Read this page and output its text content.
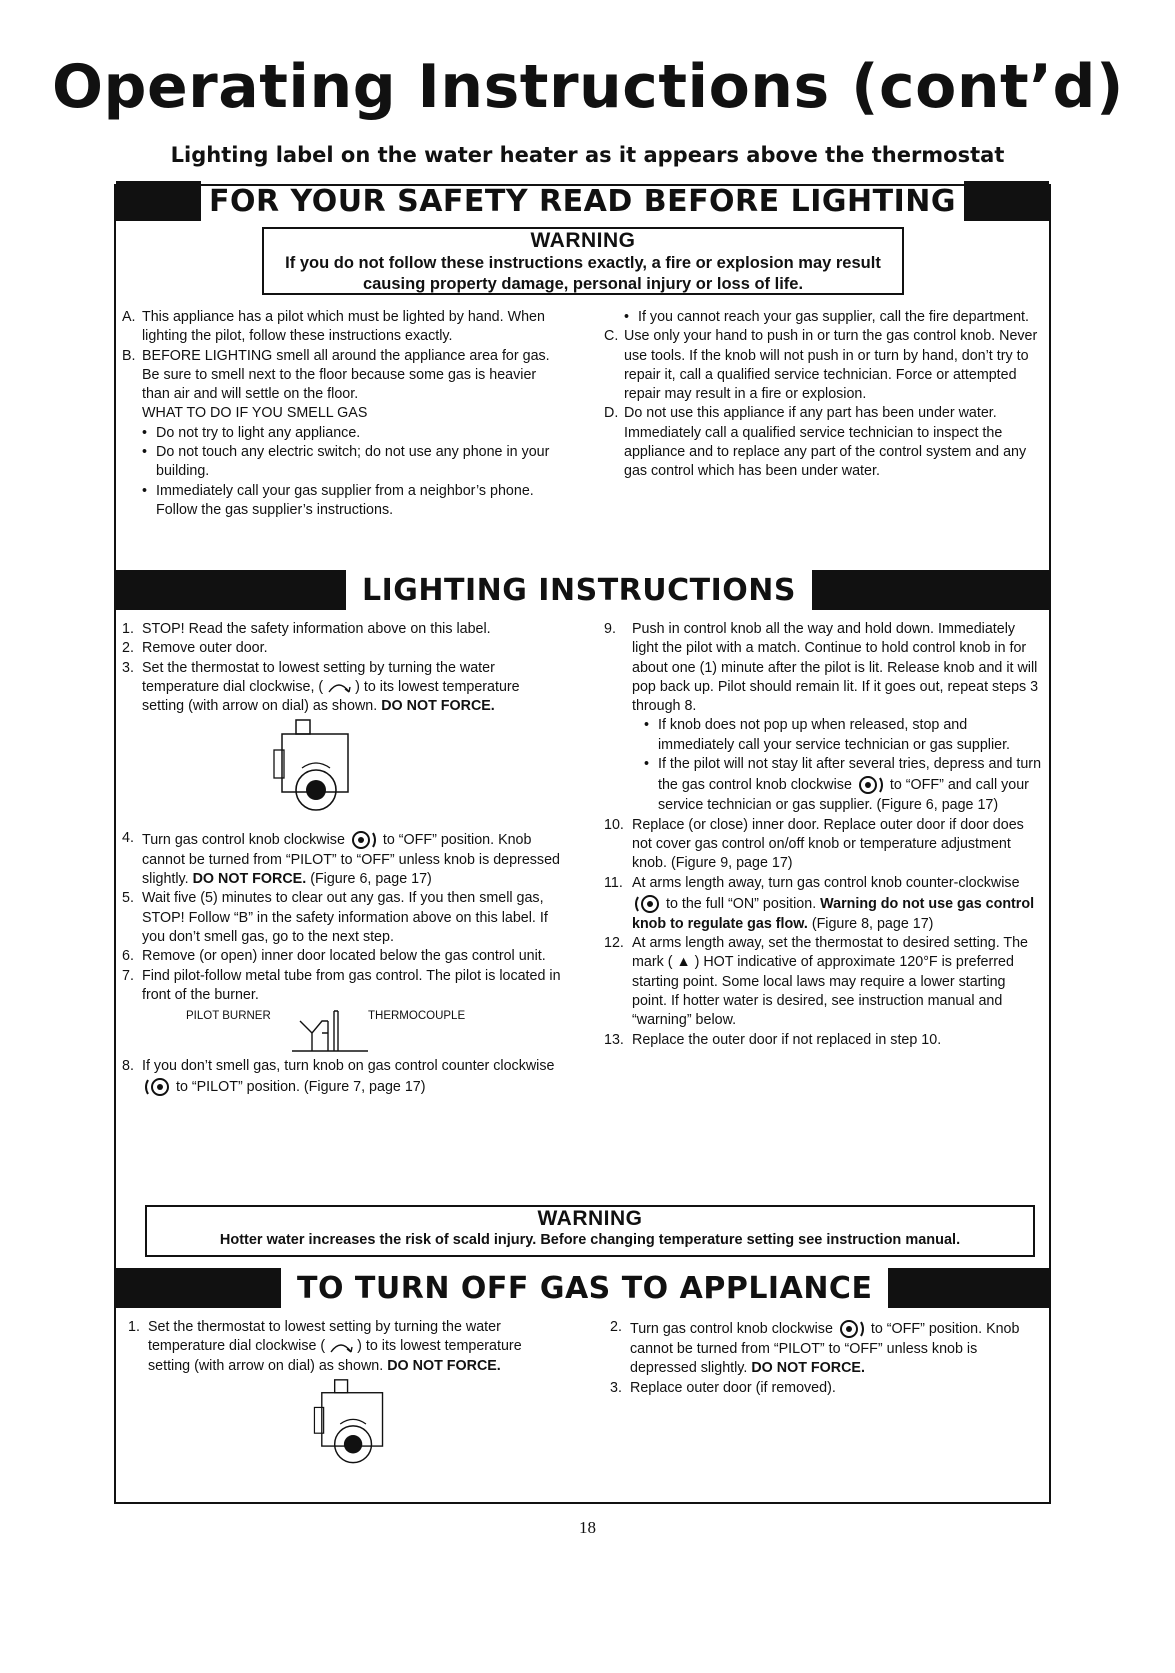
Operating Instructions (cont’d)
Lighting label on the water heater as it appears above the thermostat
FOR YOUR SAFETY READ BEFORE LIGHTING
WARNING
If you do not follow these instructions exactly, a fire or explosion may result causing property damage, personal injury or loss of life.
A. This appliance has a pilot which must be lighted by hand. When lighting the pilot, follow these instructions exactly.
B. BEFORE LIGHTING smell all around the appliance area for gas. Be sure to smell next to the floor because some gas is heavier than air and will settle on the floor.

WHAT TO DO IF YOU SMELL GAS

• Do not try to light any appliance.
• Do not touch any electric switch; do not use any phone in your building.
• Immediately call your gas supplier from a neighbor’s phone. Follow the gas supplier’s instructions.
• If you cannot reach your gas supplier, call the fire department.
C. Use only your hand to push in or turn the gas control knob. Never use tools. If the knob will not push in or turn by hand, don’t try to repair it, call a qualified service technician. Force or attempted repair may result in a fire or explosion.
D. Do not use this appliance if any part has been under water. Immediately call a qualified service technician to inspect the appliance and to replace any part of the control system and any gas control which has been under water.
LIGHTING INSTRUCTIONS
1. STOP! Read the safety information above on this label.
2. Remove outer door.
3. Set the thermostat to lowest setting by turning the water temperature dial clockwise, ( ) to its lowest temperature setting (with arrow on dial) as shown. DO NOT FORCE.
4. Turn gas control knob clockwise	to “OFF” position. Knob cannot be turned from “PILOT” to “OFF” unless knob is depressed slightly. DO NOT FORCE. (Figure 6, page 17)
5. Wait five (5) minutes to clear out any gas. If you then smell gas, STOP! Follow “B” in the safety information above on this label. If you don’t smell gas, go to the next step.
6. Remove (or open) inner door located below the gas control unit.
7. Find pilot-follow metal tube from gas control. The pilot is located in front of the burner.
PILOT BURNER	THERMOCOUPLE
8. If you don’t smell gas, turn knob on gas control counter clockwise  to “PILOT” position. (Figure 7, page 17)
9.	Push in control knob all the way and hold down. Immediately light the pilot with a match. Continue to hold control knob in for about one (1) minute after the pilot is lit. Release knob and it will pop back up. Pilot should remain lit. If it goes out, repeat steps 3 through 8.
• If knob does not pop up when released, stop and immediately call your service technician or gas supplier.
• If the pilot will not stay lit after several tries, depress and turn the gas control knob clockwise	to “OFF” and call your service technician or gas supplier. (Figure 6, page 17)
10. Replace (or close) inner door. Replace outer door if door does not cover gas control on/off knob or temperature adjustment knob. (Figure 9, page 17)
11. At arms length away, turn gas control knob counter-clockwise  to the full “ON” position. Warning do not use gas control knob to regulate gas flow. (Figure 8, page 17)
12. At arms length away, set the thermostat to desired setting. The mark ( ▲ ) HOT indicative of approximate 120°F is preferred starting point. Some local laws may require a lower starting point. If hotter water is desired, see instruction manual and “warning” below.
13. Replace the outer door if not replaced in step 10.
WARNING
Hotter water increases the risk of scald injury. Before changing temperature setting see instruction manual.
TO TURN OFF GAS TO APPLIANCE
1. Set the thermostat to lowest setting by turning the water temperature dial clockwise ( ) to its lowest temperature setting (with arrow on dial) as shown. DO NOT FORCE.
2. Turn gas control knob clockwise	to “OFF” position. Knob cannot be turned from “PILOT” to “OFF” unless knob is depressed slightly. DO NOT FORCE.
3. Replace outer door (if removed).
18
